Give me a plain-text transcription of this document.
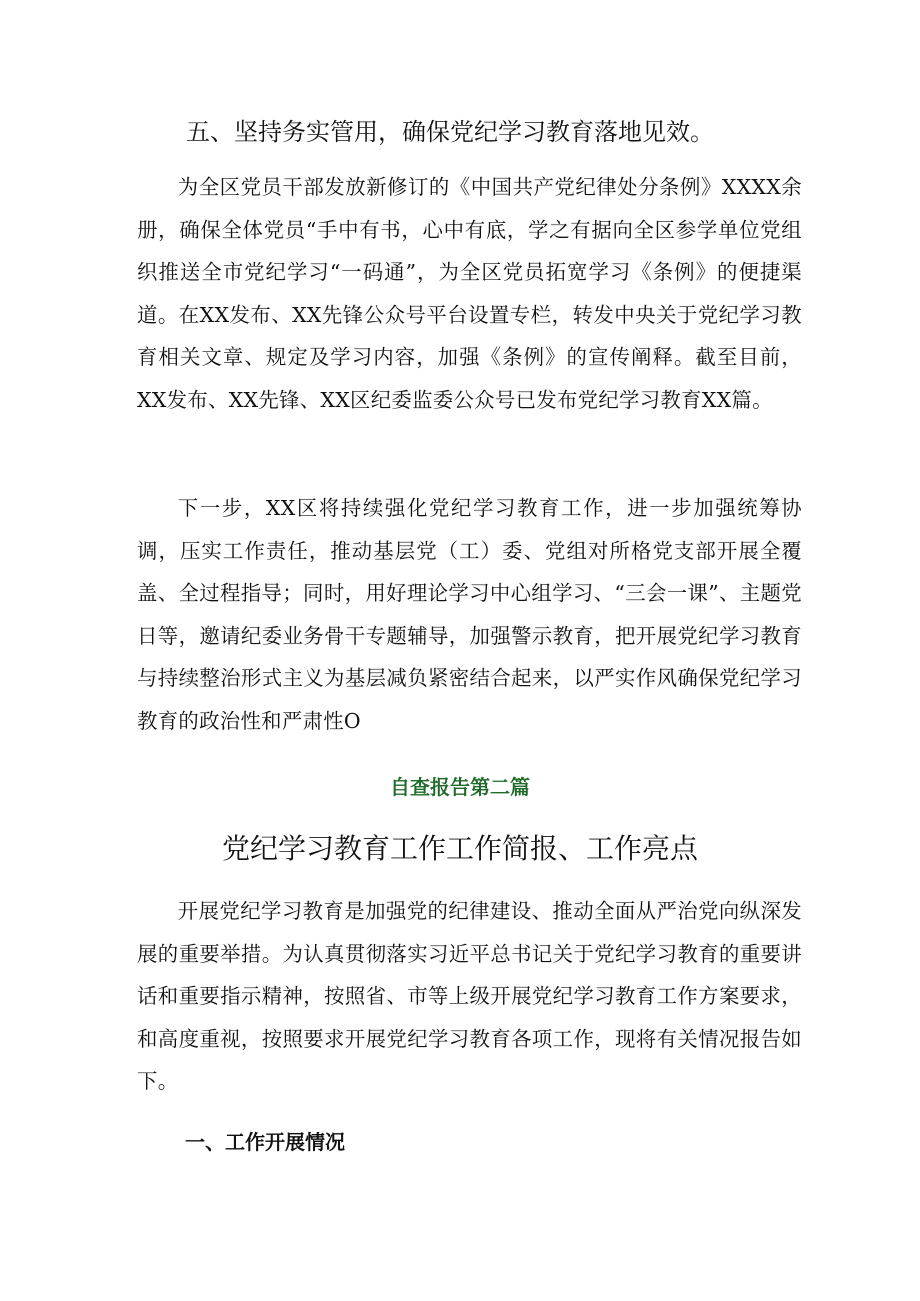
五、坚持务实管用，确保党纪学习教育落地见效。

为全区党员干部发放新修订的《中国共产党纪律处分条例》XXXX余册，确保全体党员“手中有书，心中有底，学之有据向全区参学单位党组织推送全市党纪学习“一码通”，为全区党员拓宽学习《条例》的便捷渠道。在XX发布、XX先锋公众号平台设置专栏，转发中央关于党纪学习教育相关文章、规定及学习内容，加强《条例》的宣传阐释。截至目前，XX发布、XX先锋、XX区纪委监委公众号已发布党纪学习教育XX篇。

下一步，XX区将持续强化党纪学习教育工作，进一步加强统筹协调，压实工作责任，推动基层党（工）委、党组对所格党支部开展全覆盖、全过程指导；同时，用好理论学习中心组学习、“三会一课”、主题党日等，邀请纪委业务骨干专题辅导，加强警示教育，把开展党纪学习教育与持续整治形式主义为基层减负紧密结合起来，以严实作风确保党纪学习教育的政治性和严肃性O

自查报告第二篇
党纪学习教育工作工作简报、工作亮点

开展党纪学习教育是加强党的纪律建设、推动全面从严治党向纵深发展的重要举措。为认真贯彻落实习近平总书记关于党纪学习教育的重要讲话和重要指示精神，按照省、市等上级开展党纪学习教育工作方案要求，和高度重视，按照要求开展党纪学习教育各项工作，现将有关情况报告如下。

一、工作开展情况
